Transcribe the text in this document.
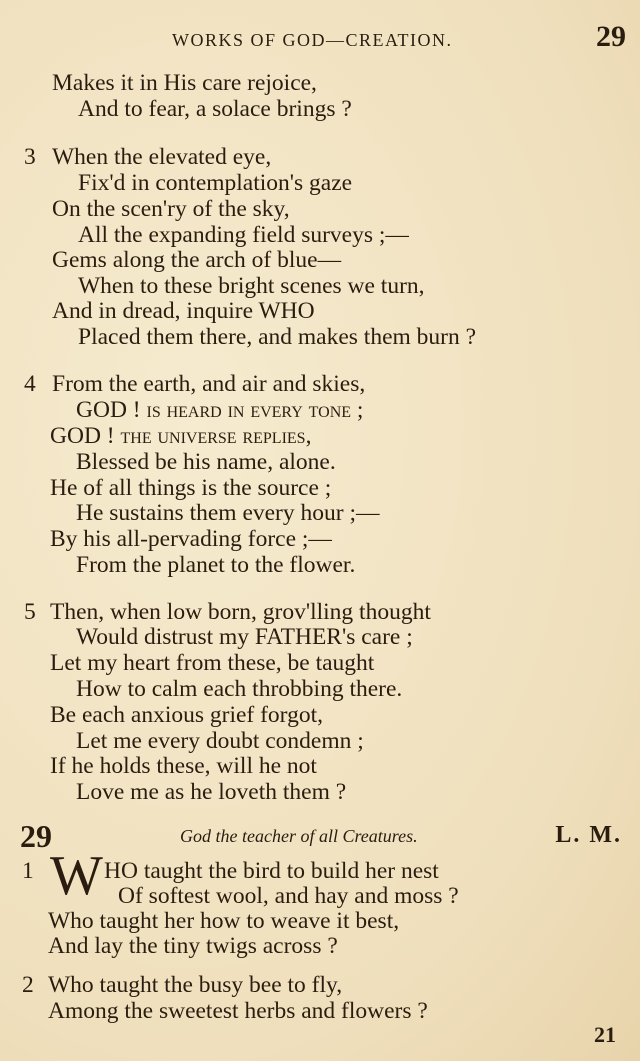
WORKS OF GOD—CREATION.	29
Makes it in His care rejoice,
And to fear, a solace brings ?
3 When the elevated eye,
Fix'd in contemplation's gaze
On the scen'ry of the sky,
All the expanding field surveys ;—
Gems along the arch of blue—
When to these bright scenes we turn,
And in dread, inquire WHO
Placed them there, and makes them burn ?
4 From the earth, and air and skies,
GOD ! is heard in every tone ;
GOD ! the universe replies,
Blessed be his name, alone.
He of all things is the source ;
He sustains them every hour ;—
By his all-pervading force ;—
From the planet to the flower.
5 Then, when low born, grov'lling thought
Would distrust my FATHER's care ;
Let my heart from these, be taught
How to calm each throbbing there.
Be each anxious grief forgot,
Let me every doubt condemn ;
If he holds these, will he not
Love me as he loveth them ?
29	God the teacher of all Creatures.	L. M.
1 W HO taught the bird to build her nest
Of softest wool, and hay and moss ?
Who taught her how to weave it best,
And lay the tiny twigs across ?
2 Who taught the busy bee to fly,
Among the sweetest herbs and flowers ?
21
